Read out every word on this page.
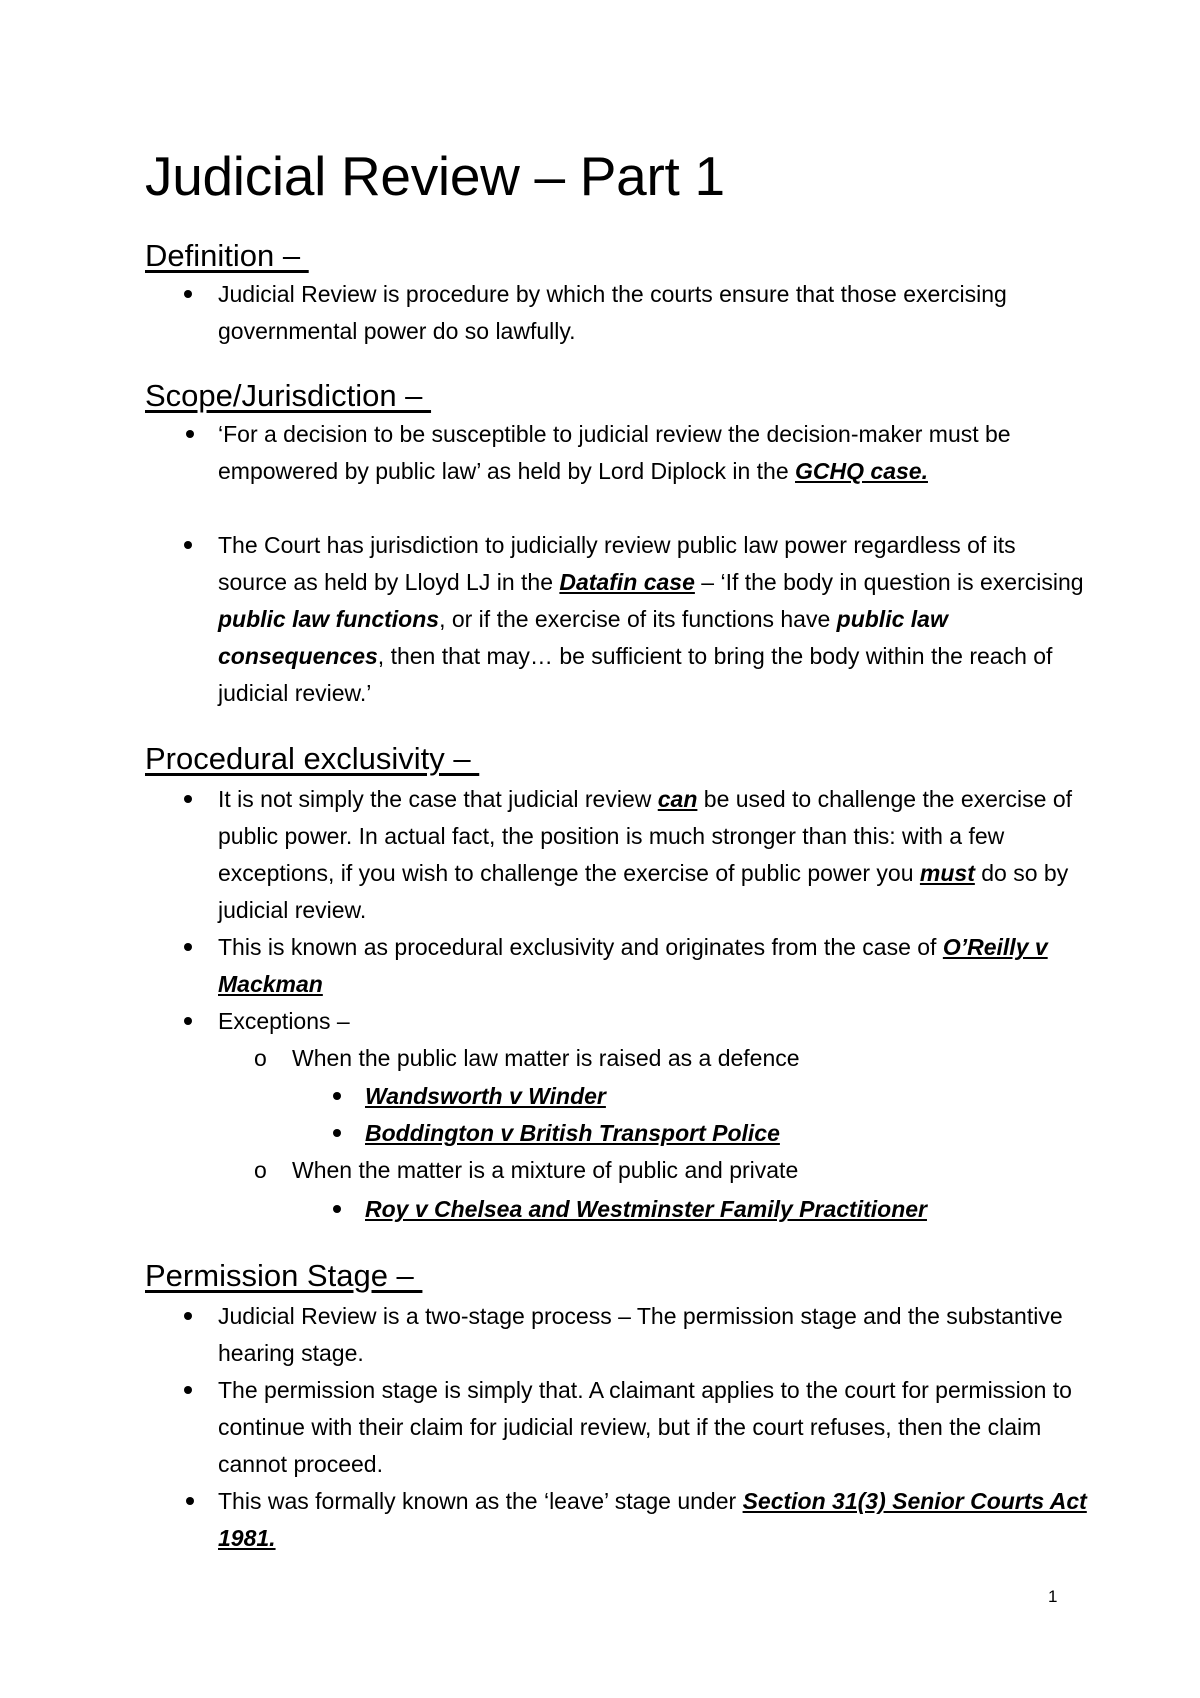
Judicial Review – Part 1
Definition –
Judicial Review is procedure by which the courts ensure that those exercising governmental power do so lawfully.
Scope/Jurisdiction –
‘For a decision to be susceptible to judicial review the decision-maker must be empowered by public law’ as held by Lord Diplock in the GCHQ case.
The Court has jurisdiction to judicially review public law power regardless of its source as held by Lloyd LJ in the Datafin case – ‘If the body in question is exercising public law functions, or if the exercise of its functions have public law consequences, then that may… be sufficient to bring the body within the reach of judicial review.’
Procedural exclusivity –
It is not simply the case that judicial review can be used to challenge the exercise of public power. In actual fact, the position is much stronger than this: with a few exceptions, if you wish to challenge the exercise of public power you must do so by judicial review.
This is known as procedural exclusivity and originates from the case of O’Reilly v Mackman
Exceptions –
o When the public law matter is raised as a defence
Wandsworth v Winder
Boddington v British Transport Police
o When the matter is a mixture of public and private
Roy v Chelsea and Westminster Family Practitioner
Permission Stage –
Judicial Review is a two-stage process – The permission stage and the substantive hearing stage.
The permission stage is simply that. A claimant applies to the court for permission to continue with their claim for judicial review, but if the court refuses, then the claim cannot proceed.
This was formally known as the ‘leave’ stage under Section 31(3) Senior Courts Act 1981.
1
